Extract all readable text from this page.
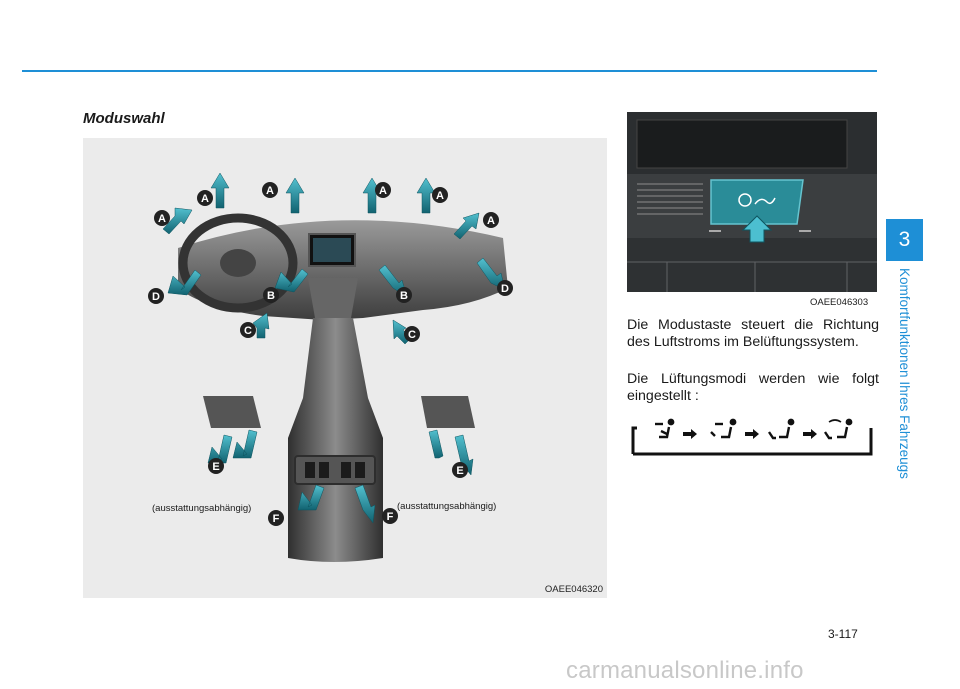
Moduswahl
A
A	A	A
A	A
B	B
C	C
D
D
E	E
F	F
(ausstattungsabhängig)	(ausstattungsabhängig)
OAEE046320
OAEE046303

Die Modustaste steuert die Richtung des Luftstroms im Belüftungssystem.

Die Lüftungsmodi werden wie folgt eingestellt :

3
Komfortfunktionen Ihres Fahrzeugs
3-117
carmanualsonline.info
